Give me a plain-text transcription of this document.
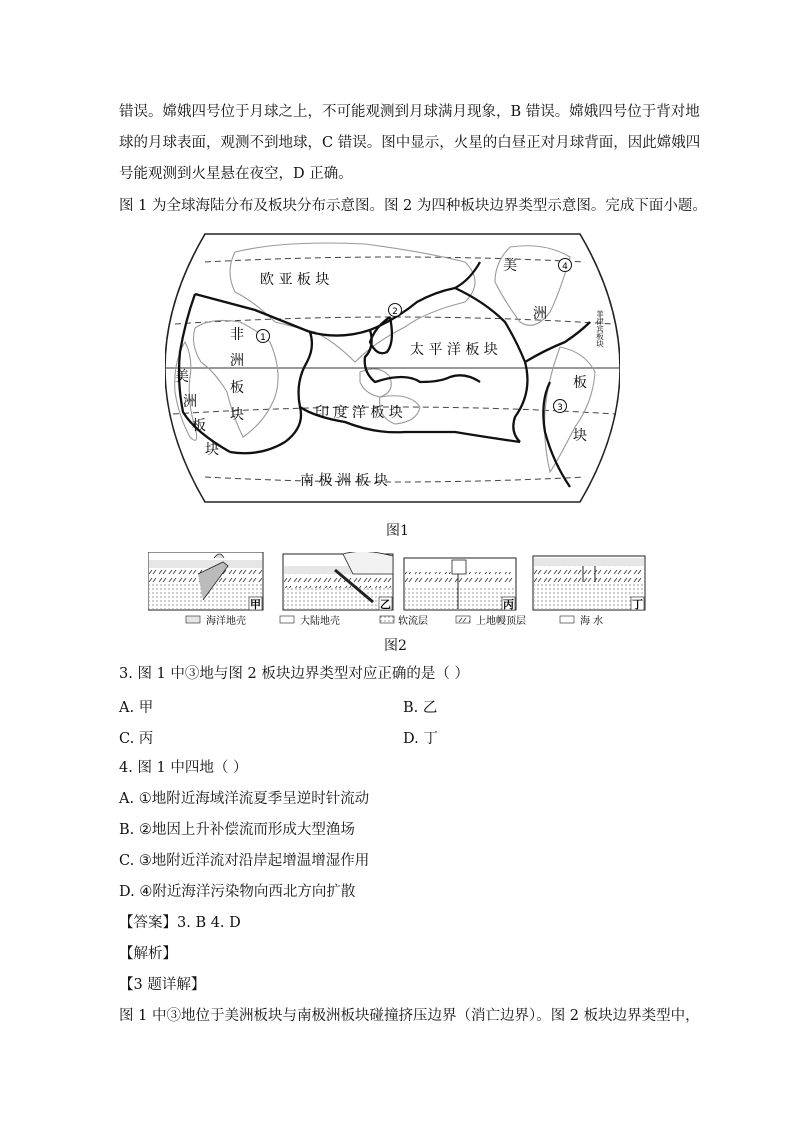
错误。嫦娥四号位于月球之上，不可能观测到月球满月现象，B 错误。嫦娥四号位于背对地
球的月球表面，观测不到地球，C 错误。图中显示，火星的白昼正对月球背面，因此嫦娥四
号能观测到火星悬在夜空，D 正确。
图 1 为全球海陆分布及板块分布示意图。图 2 为四种板块边界类型示意图。完成下面小题。
欧 亚 板 块
太 平 洋 板 块
印 度 洋 板 块
南 极 洲 板 块
非
洲
板
块
美
洲
板
块
美
洲
板
块
菲律宾板块
1
2
3
4
图1
甲	乙	丙	丁
海洋地壳	大陆地壳	软流层	上地幔顶层	海 水
图2
3. 图 1 中③地与图 2 板块边界类型对应正确的是（ ）
A. 甲	B. 乙
C. 丙	D. 丁
4. 图 1 中四地（ ）
A. ①地附近海域洋流夏季呈逆时针流动
B. ②地因上升补偿流而形成大型渔场
C. ③地附近洋流对沿岸起增温增湿作用
D. ④附近海洋污染物向西北方向扩散
【答案】3. B 4. D
【解析】
【3 题详解】
图 1 中③地位于美洲板块与南极洲板块碰撞挤压边界（消亡边界）。图 2 板块边界类型中，
